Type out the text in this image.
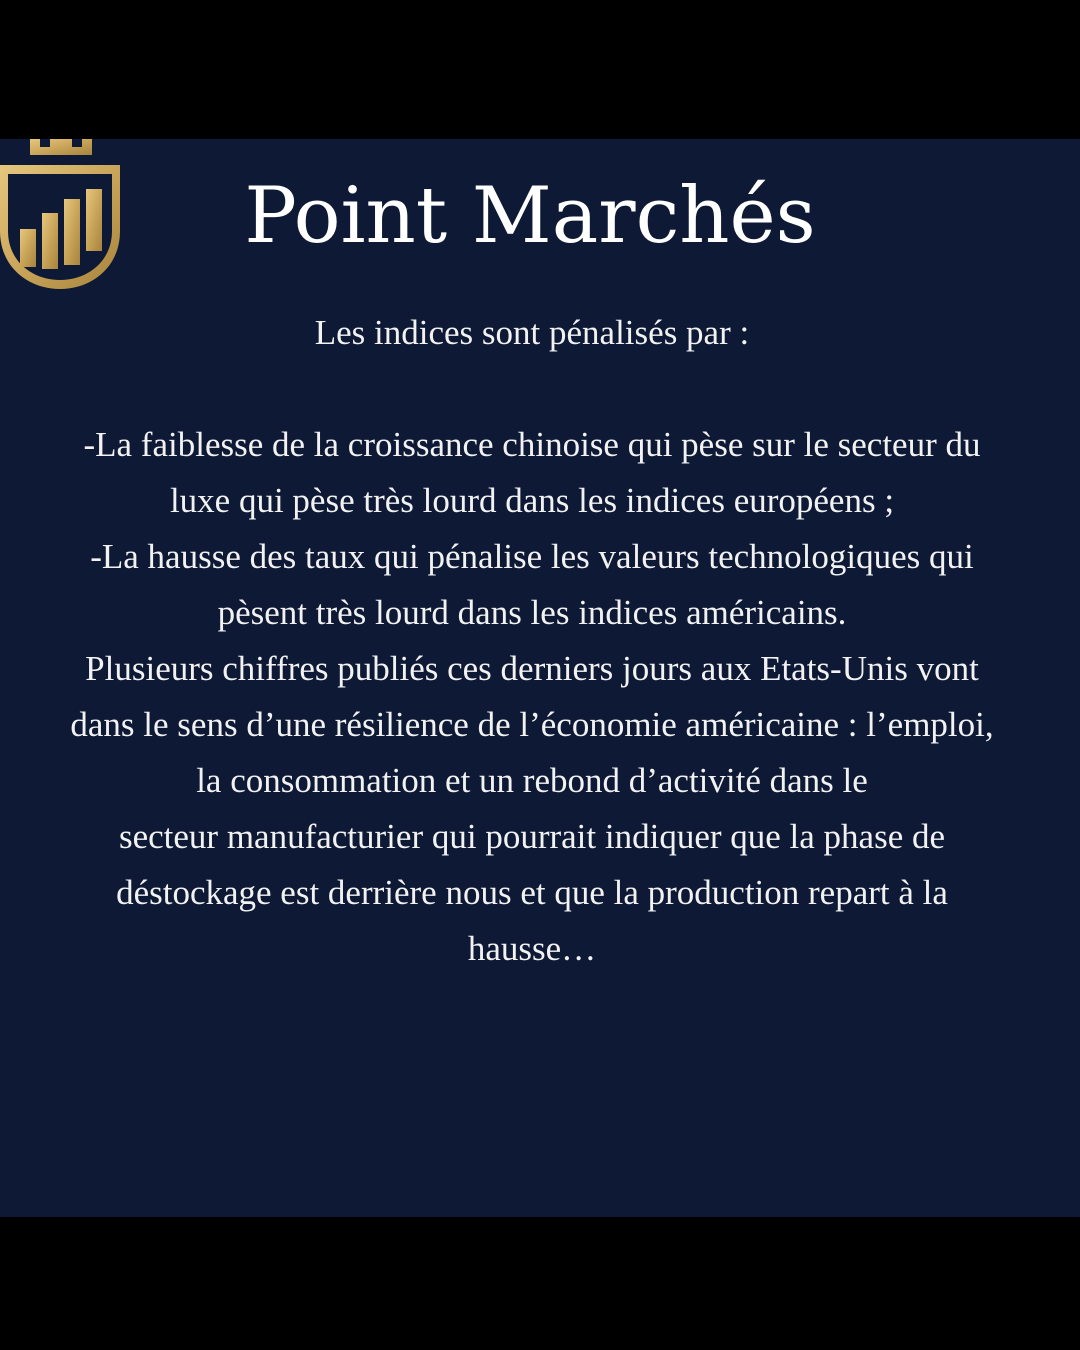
Point Marchés

Les indices sont pénalisés par :

-La faiblesse de la croissance chinoise qui pèse sur le secteur du luxe qui pèse très lourd dans les indices européens ;

-La hausse des taux qui pénalise les valeurs technologiques qui pèsent très lourd dans les indices américains.

Plusieurs chiffres publiés ces derniers jours aux Etats-Unis vont dans le sens d’une résilience de l’économie américaine : l’emploi, la consommation et un rebond d’activité dans le

secteur manufacturier qui pourrait indiquer que la phase de déstockage est derrière nous et que la production repart à la hausse…
